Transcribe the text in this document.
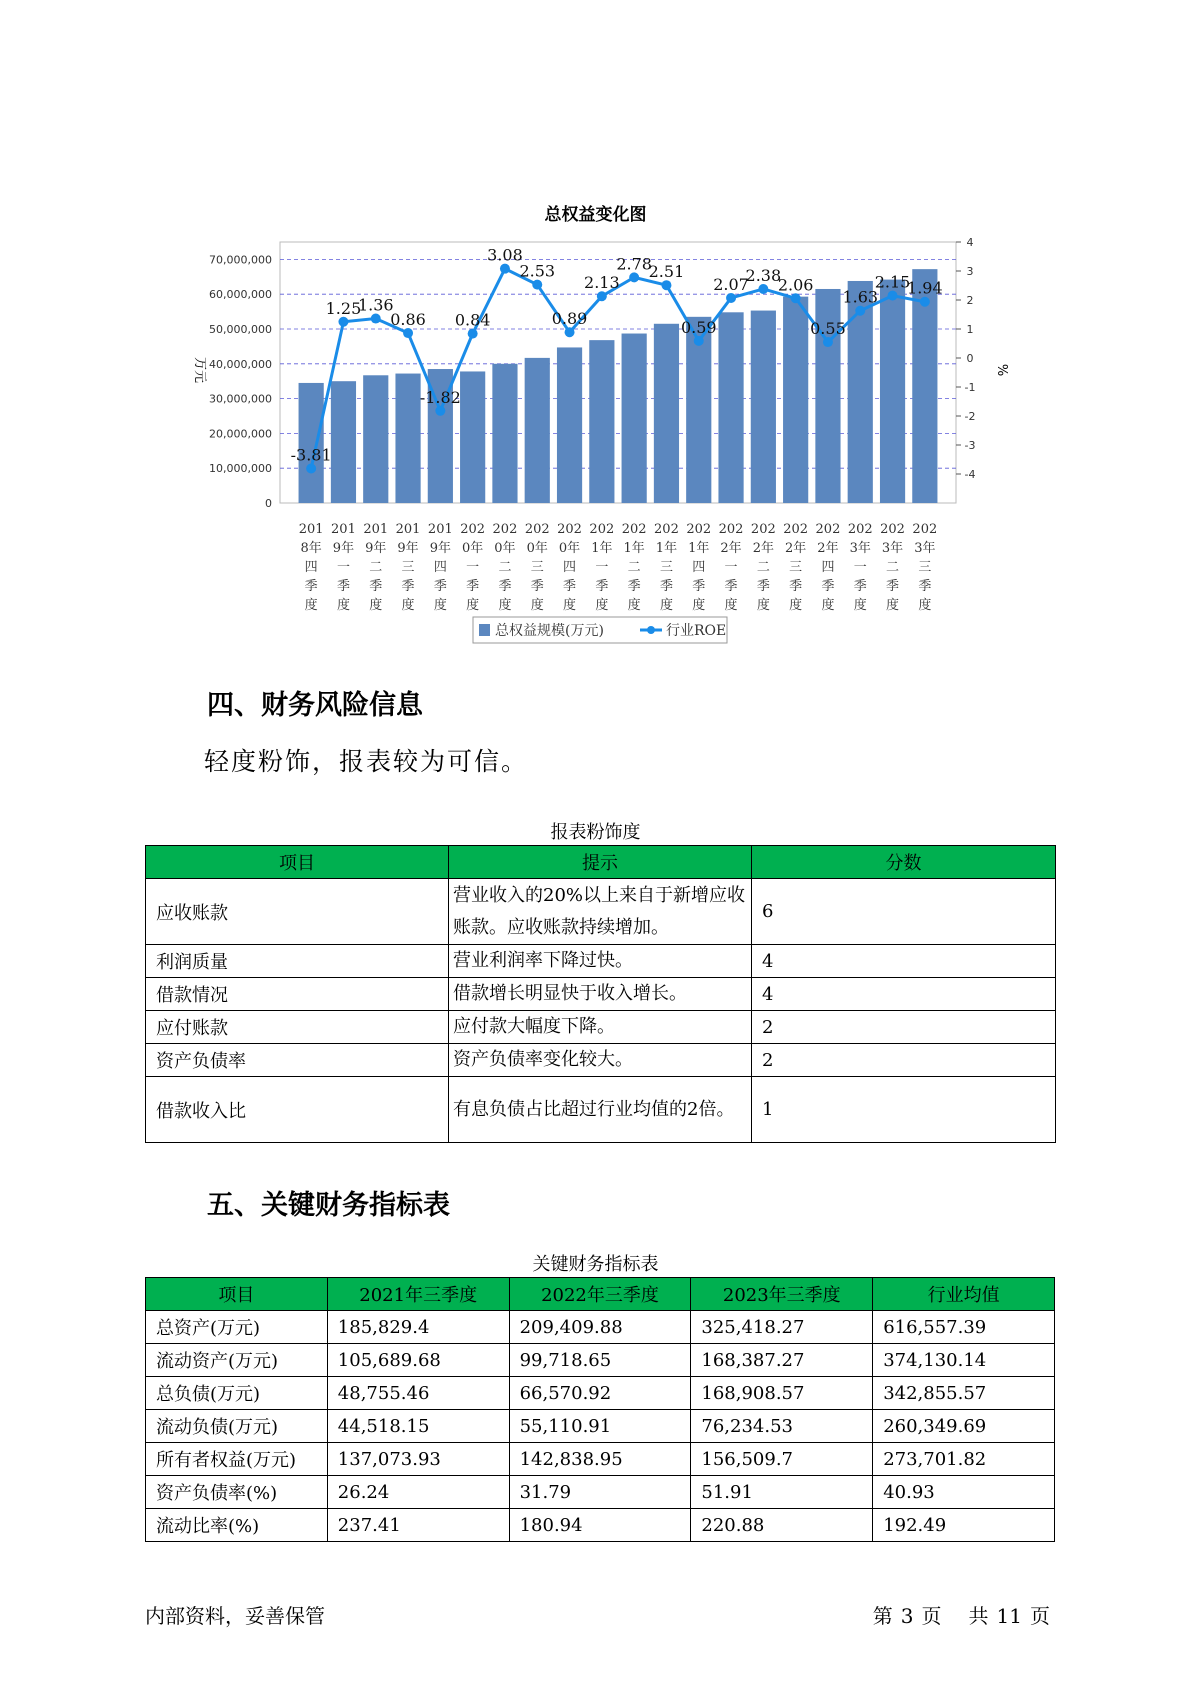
总权益变化图
0
10,000,000
20,000,000
30,000,000
40,000,000
50,000,000
60,000,000
70,000,000
-4
-3
-2
-1
0
1
2
3
4
万元	%
-3.81
1.25
1.36
0.86
-1.82
0.84
3.08
2.53
0.89
2.13
2.78
2.51
0.59
2.07
2.38
2.06
0.55
1.63
2.15
1.94
201
8年
四
季
度
201
9年
一
季
度
201
9年
二
季
度
201
9年
三
季
度
201
9年
四
季
度
202
0年
一
季
度
202
0年
二
季
度
202
0年
三
季
度
202
0年
四
季
度
202
1年
一
季
度
202
1年
二
季
度
202
1年
三
季
度
202
1年
四
季
度
202
2年
一
季
度
202
2年
二
季
度
202
2年
三
季
度
202
2年
四
季
度
202
3年
一
季
度
202
3年
二
季
度
202
3年
三
季
度
总权益规模(万元)	行业ROE
四、财务风险信息
轻度粉饰，报表较为可信。
报表粉饰度
项目	提示	分数
应收账款	营业收入的20%以上来自于新增应收账款。应收账款持续增加。	6
利润质量	营业利润率下降过快。	4
借款情况	借款增长明显快于收入增长。	4
应付账款	应付款大幅度下降。	2
资产负债率	资产负债率变化较大。	2
借款收入比	有息负债占比超过行业均值的2倍。	1
五、关键财务指标表
关键财务指标表
项目	2021年三季度	2022年三季度	2023年三季度	行业均值
总资产(万元)	185,829.4	209,409.88	325,418.27	616,557.39
流动资产(万元)	105,689.68	99,718.65	168,387.27	374,130.14
总负债(万元)	48,755.46	66,570.92	168,908.57	342,855.57
流动负债(万元)	44,518.15	55,110.91	76,234.53	260,349.69
所有者权益(万元)	137,073.93	142,838.95	156,509.7	273,701.82
资产负债率(%)	26.24	31.79	51.91	40.93
流动比率(%)	237.41	180.94	220.88	192.49
内部资料，妥善保管	第 3 页 共 11 页
